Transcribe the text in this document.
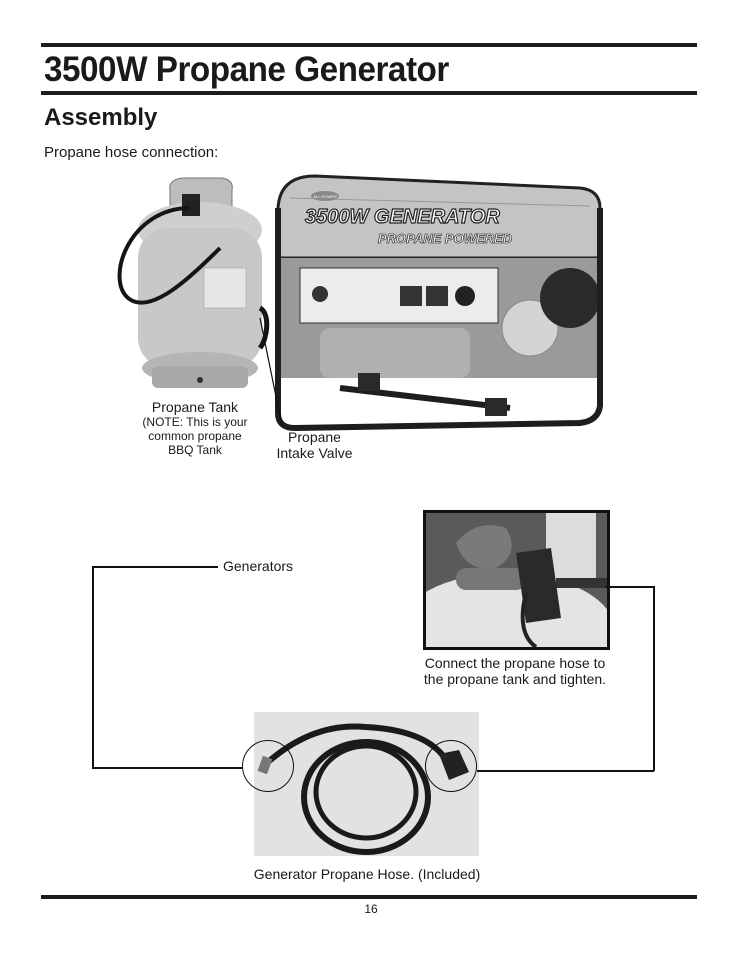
3500W Propane Generator
Assembly
Propane hose connection:
3500W GENERATOR
PROPANE POWERED
ALL-POWER
Propane Tank
(NOTE: This is your
common propane
BBQ Tank
Propane
Intake Valve
Connect the propane hose to
the propane tank and tighten.
Generators
Generator Propane Hose. (Included)
16
